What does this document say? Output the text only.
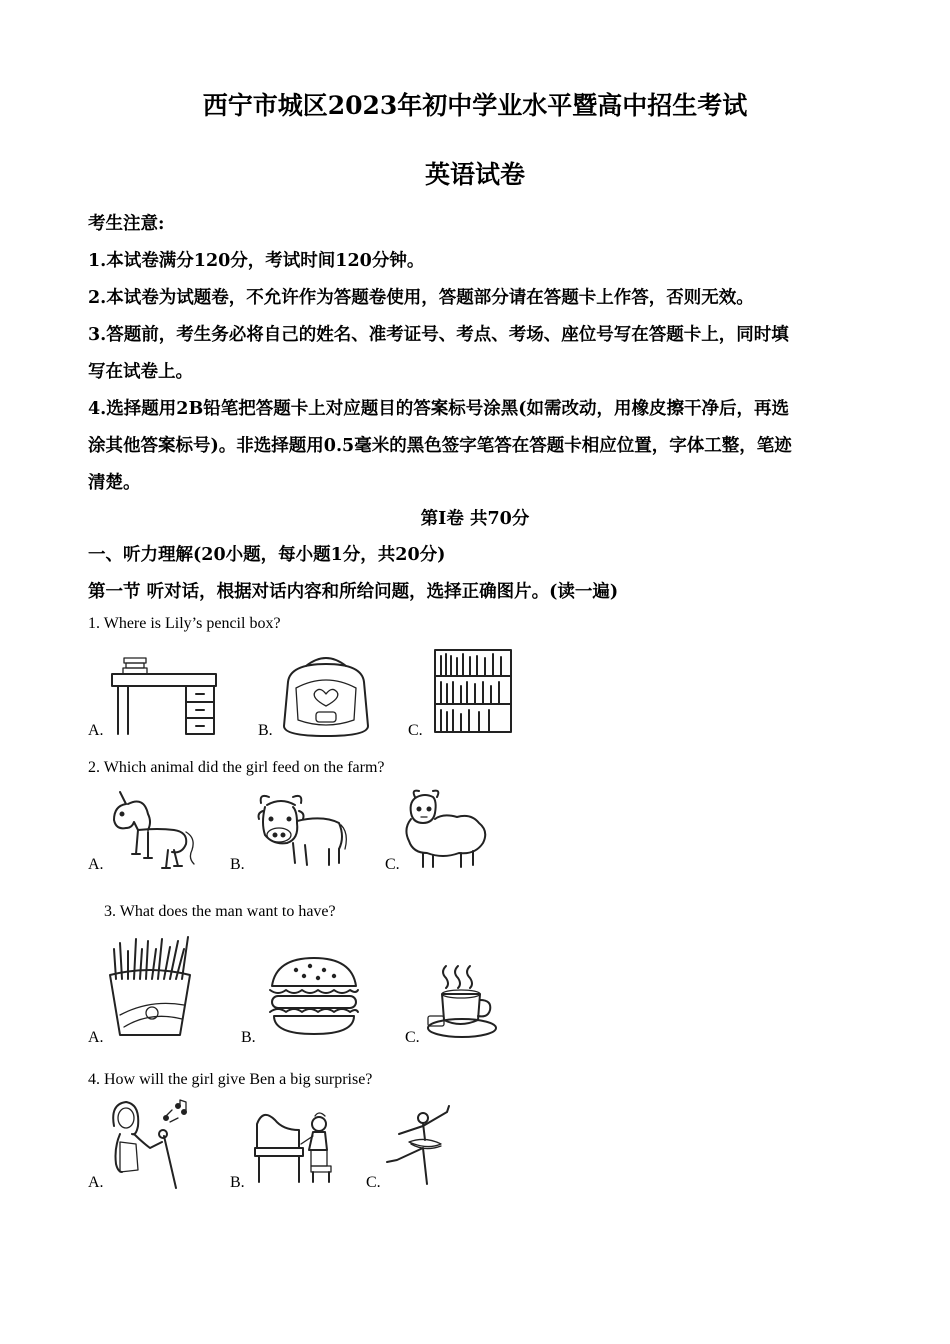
西宁市城区2023年初中学业水平暨高中招生考试
英语试卷
考生注意:
1.本试卷满分120分，考试时间120分钟。
2.本试卷为试题卷，不允许作为答题卷使用，答题部分请在答题卡上作答，否则无效。
3.答题前，考生务必将自己的姓名、准考证号、考点、考场、座位号写在答题卡上，同时填
写在试卷上。
4.选择题用2B铅笔把答题卡上对应题目的答案标号涂黑(如需改动，用橡皮擦干净后，再选
涂其他答案标号)。非选择题用0.5毫米的黑色签字笔答在答题卡相应位置，字体工整，笔迹
清楚。
第Ⅰ卷 共70分
一、听力理解(20小题，每小题1分，共20分)
第一节 听对话，根据对话内容和所给问题，选择正确图片。(读一遍)
1. Where is Lily’s pencil box?
A.	B.	C.
2. Which animal did the girl feed on the farm?
A.	B.	C.
3. What does the man want to have?
A.	B.	C.
4. How will the girl give Ben a big surprise?
A.	B.	C.
